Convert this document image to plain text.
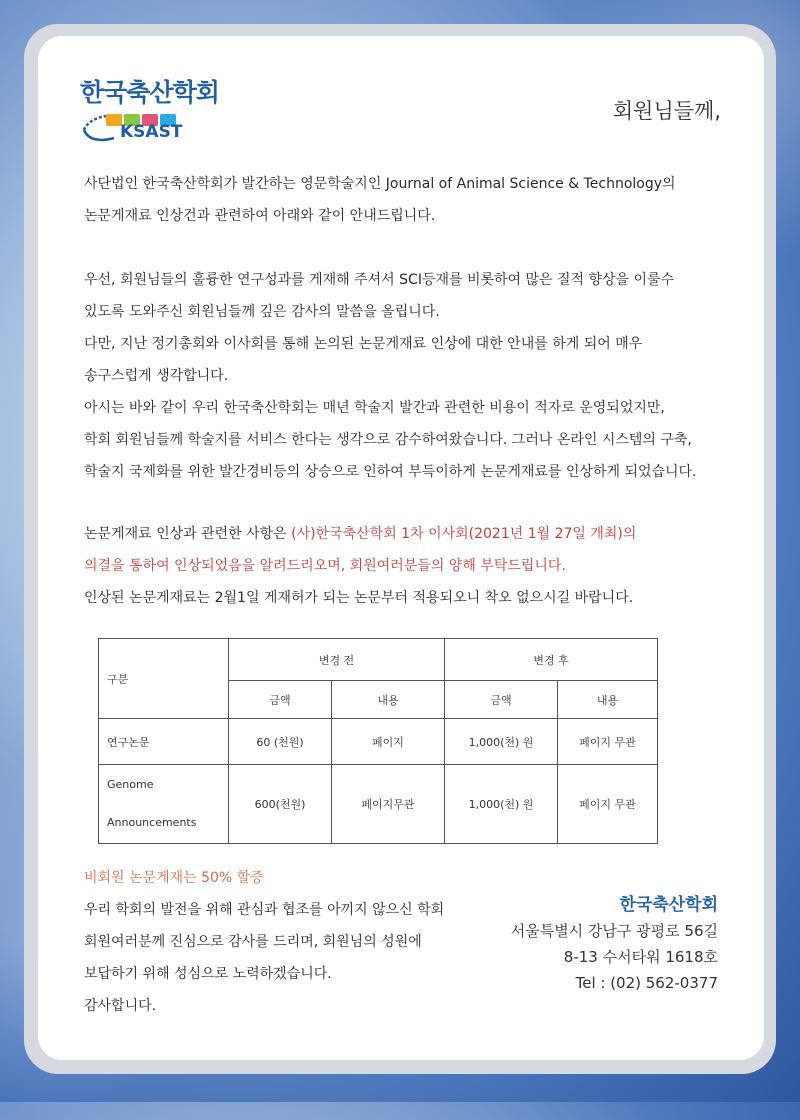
한국축산학회

KSAST
회원님들께,

사단법인 한국축산학회가 발간하는 영문학술지인 Journal of Animal Science & Technology의

논문게재료 인상건과 관련하여 아래와 같이 안내드립니다.

우선, 회원님들의 훌륭한 연구성과를 게재해 주셔서 SCI등재를 비롯하여 많은 질적 향상을 이룰수

있도록 도와주신 회원님들께 깊은 감사의 말씀을 올립니다.

다만, 지난 정기총회와 이사회를 통해 논의된 논문게재료 인상에 대한 안내를 하게 되어 매우

송구스럽게 생각합니다.

아시는 바와 같이 우리 한국축산학회는 매년 학술지 발간과 관련한 비용이 적자로 운영되었지만,

학회 회원님들께 학술지를 서비스 한다는 생각으로 감수하여왔습니다. 그러나 온라인 시스템의 구축,

학술지 국제화를 위한 발간경비등의 상승으로 인하여 부득이하게 논문게재료를 인상하게 되었습니다.

논문게재료 인상과 관련한 사항은 (사)한국축산학회 1차 이사회(2021년 1월 27일 개최)의

의결을 통하여 인상되었음을 알려드리오며, 회원여러분들의 양해 부탁드립니다.

인상된 논문게재료는 2월1일 게재허가 되는 논문부터 적용되오니 착오 없으시길 바랍니다.

구분	변경 전		변경 후	
	금액	내용	금액	내용
연구논문	60 (천원)	페이지	1,000(천) 원	페이지 무관

Genome
Announcements	600(천원)	페이지무관	1,000(천) 원	페이지 무관
비회원 논문게재는 50% 할증

우리 학회의 발전을 위해 관심과 협조를 아끼지 않으신 학회

회원여러분께 진심으로 감사를 드리며, 회원님의 성원에

보답하기 위해 성심으로 노력하겠습니다.

감사합니다.

한국축산학회
서울특별시 강남구 광평로 56길
8-13 수서타워 1618호
Tel : (02) 562-0377
